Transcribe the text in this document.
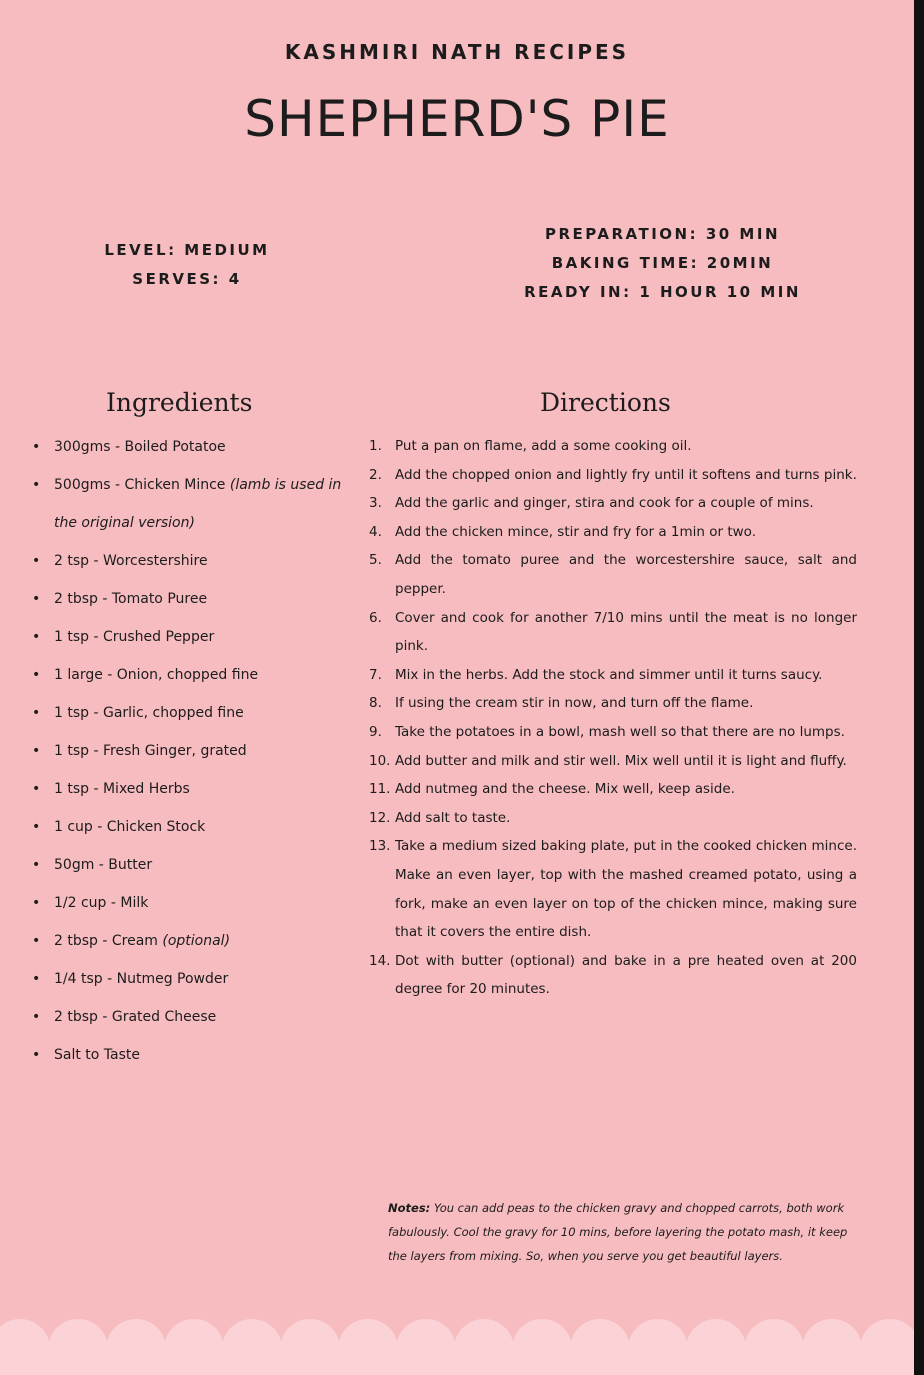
KASHMIRI NATH RECIPES
SHEPHERD'S PIE
LEVEL: MEDIUM
SERVES: 4
PREPARATION: 30 MIN
BAKING TIME: 20MIN
READY IN: 1 HOUR 10 MIN
Ingredients	Directions
• 300gms - Boiled Potatoe
• 500gms - Chicken Mince (lamb is used in the original version)
• 2 tsp - Worcestershire
• 2 tbsp - Tomato Puree
• 1 tsp - Crushed Pepper
• 1 large - Onion, chopped fine
• 1 tsp - Garlic, chopped fine
• 1 tsp - Fresh Ginger, grated
• 1 tsp - Mixed Herbs
• 1 cup - Chicken Stock
• 50gm - Butter
• 1/2 cup - Milk
• 2 tbsp - Cream (optional)
• 1/4 tsp - Nutmeg Powder
• 2 tbsp - Grated Cheese
• Salt to Taste
1. Put a pan on flame, add a some cooking oil.
2. Add the chopped onion and lightly fry until it softens and turns pink.
3. Add the garlic and ginger, stira and cook for a couple of mins.
4. Add the chicken mince, stir and fry for a 1min or two.
5. Add the tomato puree and the worcestershire sauce, salt and pepper.
6. Cover and cook for another 7/10 mins until the meat is no longer pink.
7. Mix in the herbs. Add the stock and simmer until it turns saucy.
8. If using the cream stir in now, and turn off the flame.
9. Take the potatoes in a bowl, mash well so that there are no lumps.
10. Add butter and milk and stir well. Mix well until it is light and fluffy.
11. Add nutmeg and the cheese. Mix well, keep aside.
12. Add salt to taste.
13. Take a medium sized baking plate, put in the cooked chicken mince. Make an even layer, top with the mashed creamed potato, using a fork, make an even layer on top of the chicken mince, making sure that it covers the entire dish.
14. Dot with butter (optional) and bake in a pre heated oven at 200 degree for 20 minutes.
Notes: You can add peas to the chicken gravy and chopped carrots, both work fabulously. Cool the gravy for 10 mins, before layering the potato mash, it keep the layers from mixing. So, when you serve you get beautiful layers.
